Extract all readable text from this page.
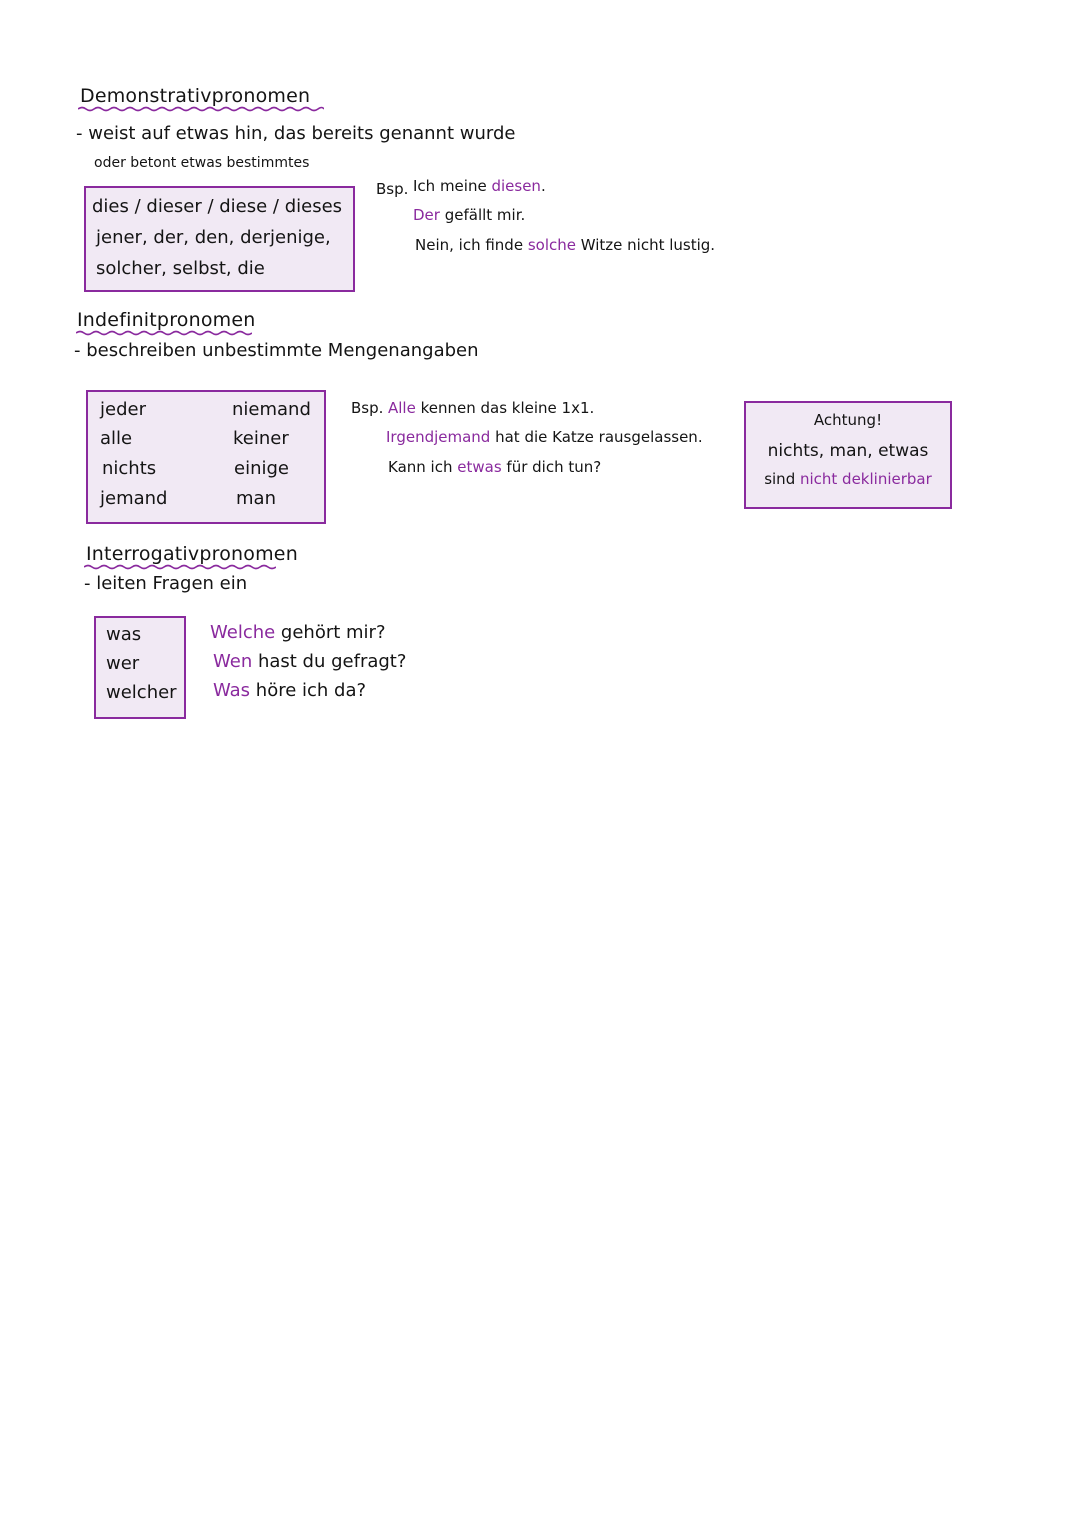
Demonstrativpronomen
- weist auf etwas hin, das bereits genannt wurde
oder betont etwas bestimmtes
dies / dieser / diese / dieses
jener, der, den, derjenige,
solcher, selbst, die
Bsp. Ich meine diesen.
Der gefällt mir.
Nein, ich finde solche Witze nicht lustig.
Indefinitpronomen
- beschreiben unbestimmte Mengenangaben
jeder
alle
nichts
jemand
niemand
keiner
einige
man
Bsp. Alle kennen das kleine 1x1.
Irgendjemand hat die Katze rausgelassen.
Kann ich etwas für dich tun?
Achtung!
nichts, man, etwas
sind nicht deklinierbar
Interrogativpronomen
- leiten Fragen ein
was
wer
welcher
Welche gehört mir?
Wen hast du gefragt?
Was höre ich da?
